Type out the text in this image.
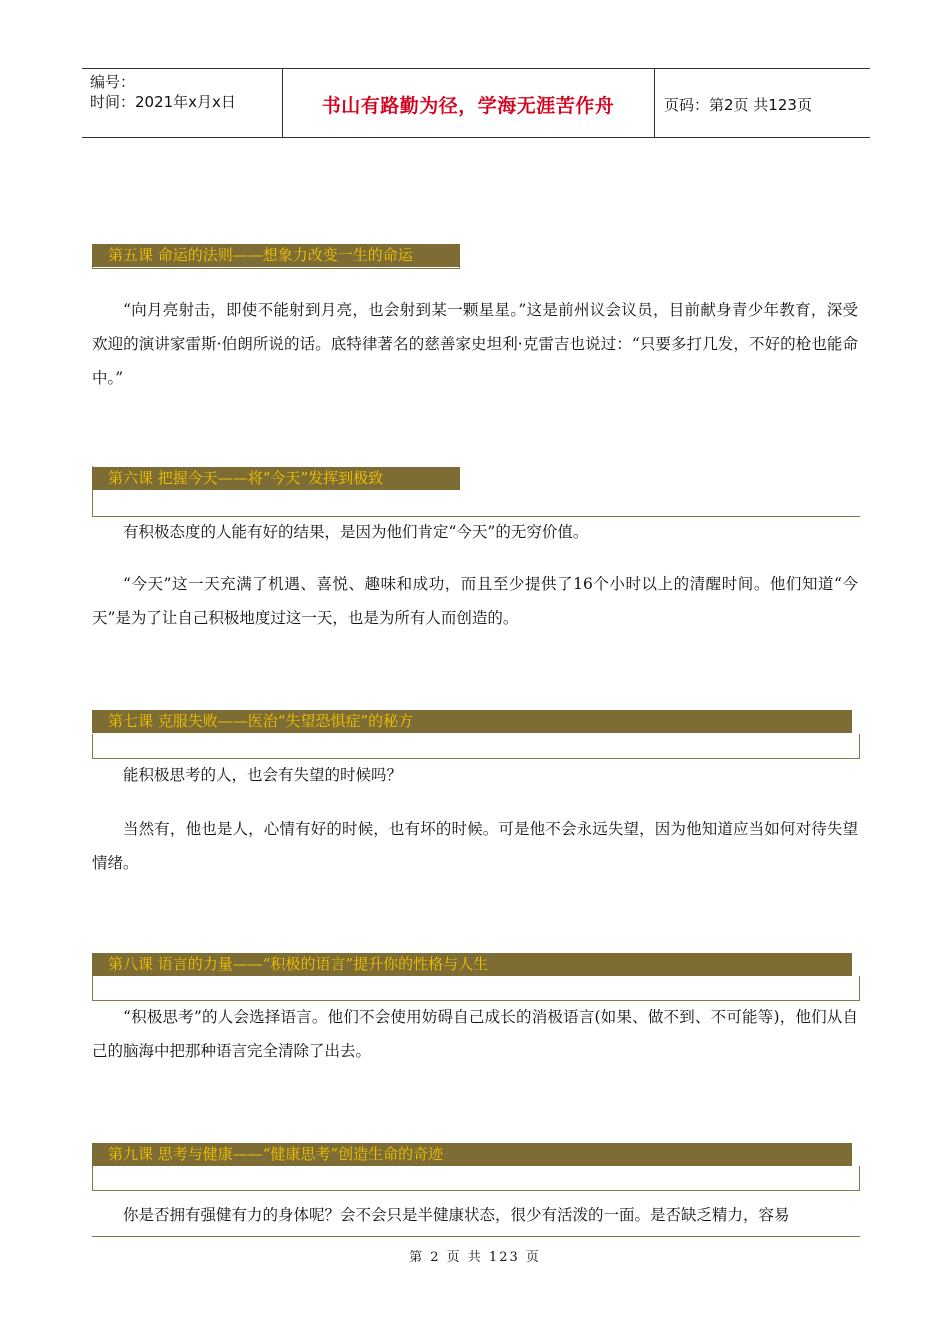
编号：
时间：2021年x月x日	书山有路勤为径，学海无涯苦作舟	页码：第2页 共123页
第五课 命运的法则——想象力改变一生的命运
“向月亮射击，即使不能射到月亮，也会射到某一颗星星。”这是前州议会议员，目前献身青少年教育，深受欢迎的演讲家雷斯·伯朗所说的话。底特律著名的慈善家史坦利·克雷吉也说过：“只要多打几发，不好的枪也能命中。”
第六课 把握今天——将“今天”发挥到极致
有积极态度的人能有好的结果，是因为他们肯定“今天”的无穷价值。
“今天”这一天充满了机遇、喜悦、趣味和成功，而且至少提供了16个小时以上的清醒时间。他们知道“今天”是为了让自己积极地度过这一天，也是为所有人而创造的。
第七课 克服失败——医治“失望恐惧症”的秘方
能积极思考的人，也会有失望的时候吗？
当然有，他也是人，心情有好的时候，也有坏的时候。可是他不会永远失望，因为他知道应当如何对待失望情绪。
第八课 语言的力量——“积极的语言”提升你的性格与人生
“积极思考”的人会选择语言。他们不会使用妨碍自己成长的消极语言(如果、做不到、不可能等)，他们从自己的脑海中把那种语言完全清除了出去。
第九课 思考与健康——“健康思考”创造生命的奇迹
你是否拥有强健有力的身体呢？会不会只是半健康状态，很少有活泼的一面。是否缺乏精力，容易
第 2 页 共 123 页
